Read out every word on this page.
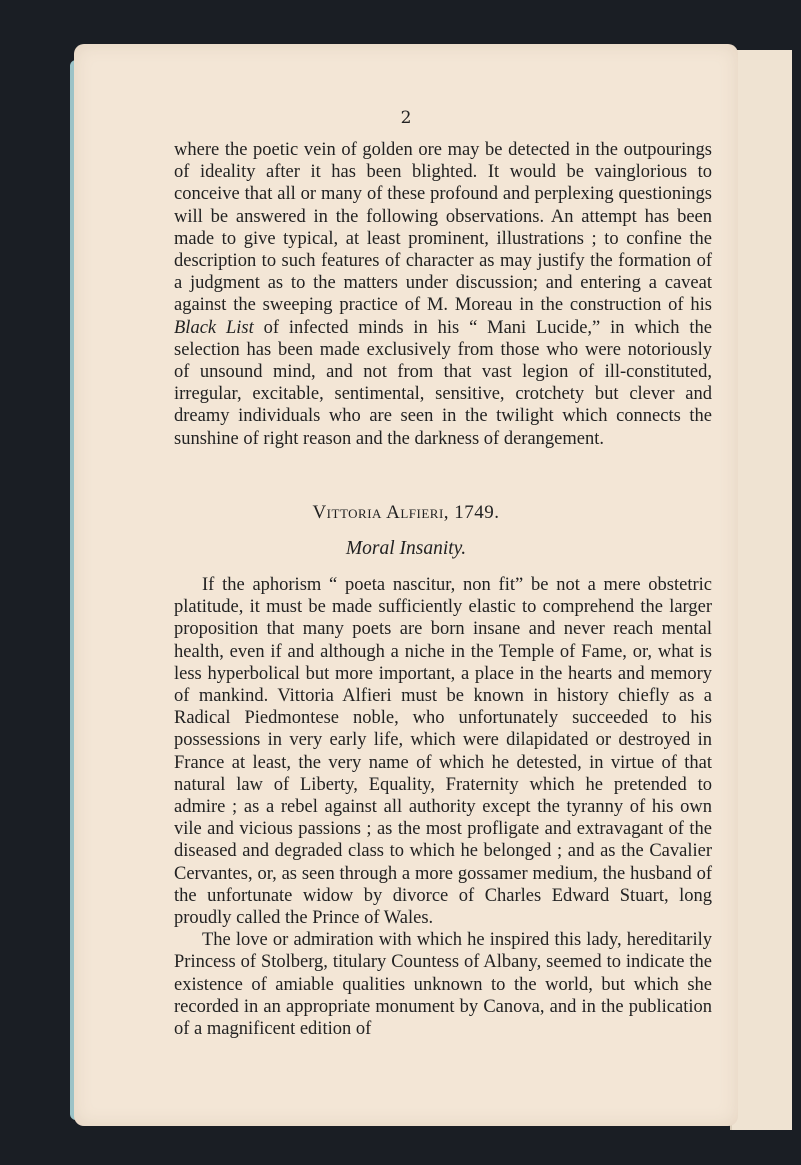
2

where the poetic vein of golden ore may be detected in the outpourings of ideality after it has been blighted. It would be vainglorious to conceive that all or many of these profound and perplexing questionings will be answered in the following observations. An attempt has been made to give typical, at least prominent, illustrations ; to confine the description to such features of character as may justify the formation of a judgment as to the matters under discussion; and entering a caveat against the sweeping practice of M. Moreau in the construction of his Black List of infected minds in his “ Mani Lucide,” in which the selection has been made exclusively from those who were notoriously of unsound mind, and not from that vast legion of ill-constituted, irregular, excitable, sentimental, sensitive, crotchety but clever and dreamy individuals who are seen in the twilight which connects the sunshine of right reason and the darkness of derangement.

Vittoria Alfieri, 1749.
Moral Insanity.

If the aphorism “ poeta nascitur, non fit” be not a mere obstetric platitude, it must be made sufficiently elastic to comprehend the larger proposition that many poets are born insane and never reach mental health, even if and although a niche in the Temple of Fame, or, what is less hyperbolical but more important, a place in the hearts and memory of mankind. Vittoria Alfieri must be known in history chiefly as a Radical Piedmontese noble, who unfortunately succeeded to his possessions in very early life, which were dilapidated or destroyed in France at least, the very name of which he detested, in virtue of that natural law of Liberty, Equality, Fraternity which he pretended to admire ; as a rebel against all authority except the tyranny of his own vile and vicious passions ; as the most profligate and extravagant of the diseased and degraded class to which he belonged ; and as the Cavalier Cervantes, or, as seen through a more gossamer medium, the husband of the unfortunate widow by divorce of Charles Edward Stuart, long proudly called the Prince of Wales.

The love or admiration with which he inspired this lady, hereditarily Princess of Stolberg, titulary Countess of Albany, seemed to indicate the existence of amiable qualities unknown to the world, but which she recorded in an appropriate monument by Canova, and in the publication of a magnificent edition of
